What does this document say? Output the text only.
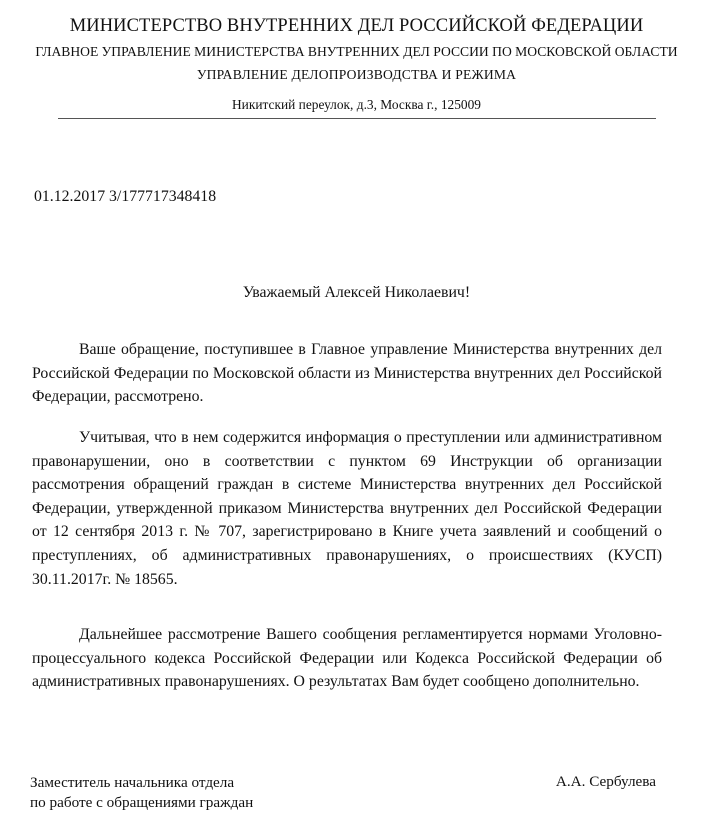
МИНИСТЕРСТВО ВНУТРЕННИХ ДЕЛ РОССИЙСКОЙ ФЕДЕРАЦИИ
ГЛАВНОЕ УПРАВЛЕНИЕ МИНИСТЕРСТВА ВНУТРЕННИХ ДЕЛ РОССИИ ПО МОСКОВСКОЙ ОБЛАСТИ
УПРАВЛЕНИЕ ДЕЛОПРОИЗВОДСТВА И РЕЖИМА
Никитский переулок, д.3, Москва г., 125009
01.12.2017 3/177717348418
Уважаемый Алексей Николаевич!

Ваше обращение, поступившее в Главное управление Министерства внутренних дел Российской Федерации по Московской области из Министерства внутренних дел Российской Федерации, рассмотрено.

Учитывая, что в нем содержится информация о преступлении или административном правонарушении, оно в соответствии с пунктом 69 Инструкции об организации рассмотрения обращений граждан в системе Министерства внутренних дел Российской Федерации, утвержденной приказом Министерства внутренних дел Российской Федерации от 12 сентября 2013 г. № 707, зарегистрировано в Книге учета заявлений и сообщений о преступлениях, об административных правонарушениях, о происшествиях (КУСП) 30.11.2017г. № 18565.

Дальнейшее рассмотрение Вашего сообщения регламентируется нормами Уголовно-процессуального кодекса Российской Федерации или Кодекса Российской Федерации об административных правонарушениях. О результатах Вам будет сообщено дополнительно.

Заместитель начальника отдела
по работе с обращениями граждан
А.А. Сербулева
